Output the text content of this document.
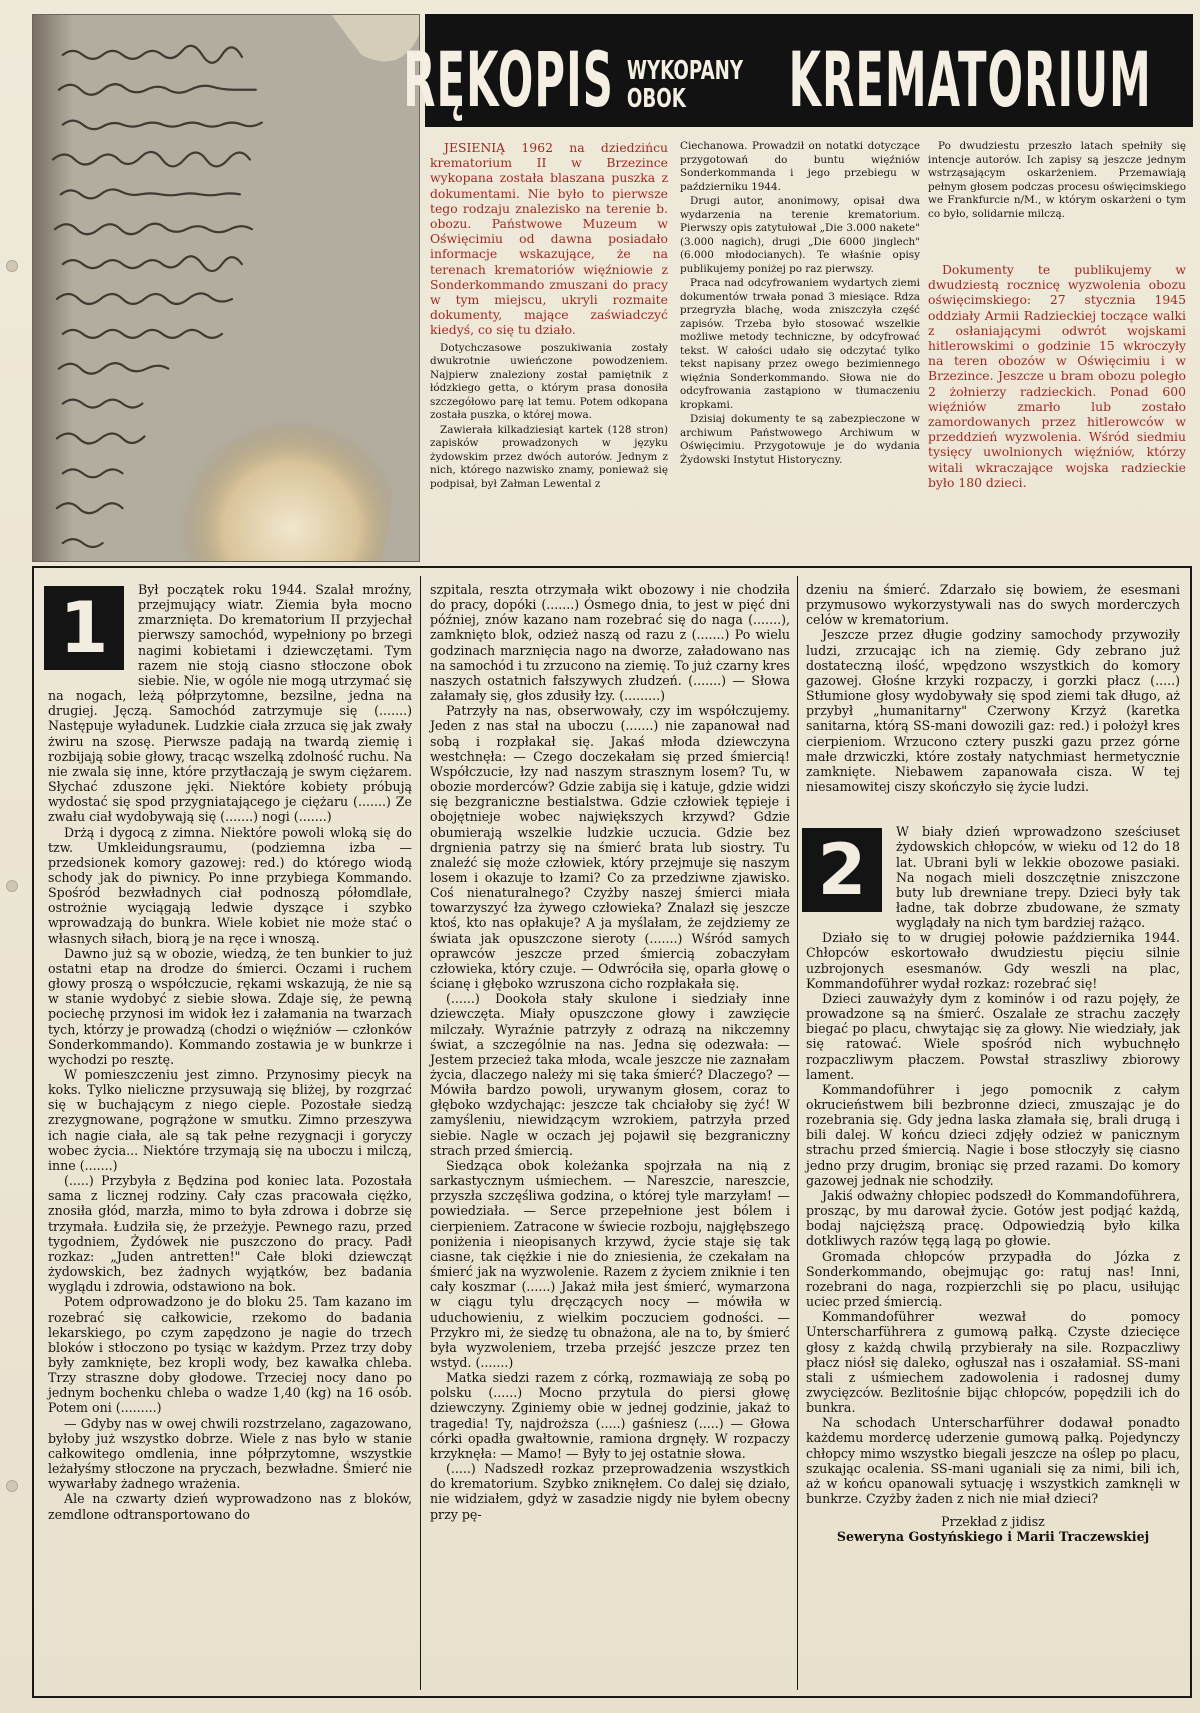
RĘKOPIS WYKOPANY OBOK	KREMATORIUM

JESIENIĄ 1962 na dziedzińcu krematorium II w Brzezince wykopana została blaszana puszka z dokumentami. Nie było to pierwsze tego rodzaju znalezisko na terenie b. obozu. Państwowe Muzeum w Oświęcimiu od dawna posiadało informacje wskazujące, że na terenach krematoriów więźniowie z Sonderkommando zmuszani do pracy w tym miejscu, ukryli rozmaite dokumenty, mające zaświadczyć kiedyś, co się tu działo.

Dotychczasowe poszukiwania zostały dwukrotnie uwieńczone powodzeniem. Najpierw znaleziony został pamiętnik z łódzkiego getta, o którym prasa donosiła szczegółowo parę lat temu. Potem odkopana została puszka, o której mowa.

Zawierała kilkadziesiąt kartek (128 stron) zapisków prowadzonych w języku żydowskim przez dwóch autorów. Jednym z nich, którego nazwisko znamy, ponieważ się podpisał, był Załman Lewental z

Ciechanowa. Prowadził on notatki dotyczące przygotowań do buntu więźniów Sonderkommanda i jego przebiegu w październiku 1944.

Drugi autor, anonimowy, opisał dwa wydarzenia na terenie krematorium. Pierwszy opis zatytułował „Die 3.000 nakete" (3.000 nagich), drugi „Die 6000 jinglech" (6.000 młodocianych). Te właśnie opisy publikujemy poniżej po raz pierwszy.

Praca nad odcyfrowaniem wydartych ziemi dokumentów trwała ponad 3 miesiące. Rdza przegryzła blachę, woda zniszczyła część zapisów. Trzeba było stosować wszelkie możliwe metody techniczne, by odcyfrować tekst. W całości udało się odczytać tylko tekst napisany przez owego bezimiennego więźnia Sonderkommando. Słowa nie do odcyfrowania zastąpiono w tłumaczeniu kropkami.

Dzisiaj dokumenty te są zabezpieczone w archiwum Państwowego Archiwum w Oświęcimiu. Przygotowuje je do wydania Żydowski Instytut Historyczny.

Po dwudziestu przeszło latach spełniły się intencje autorów. Ich zapisy są jeszcze jednym wstrząsającym oskarżeniem. Przemawiają pełnym głosem podczas procesu oświęcimskiego we Frankfurcie n/M., w którym oskarżeni o tym co było, solidarnie milczą.

Dokumenty te publikujemy w dwudziestą rocznicę wyzwolenia obozu oświęcimskiego: 27 stycznia 1945 oddziały Armii Radzieckiej toczące walki z osłaniającymi odwrót wojskami hitlerowskimi o godzinie 15 wkroczyły na teren obozów w Oświęcimiu i w Brzezince. Jeszcze u bram obozu poległo 2 żołnierzy radzieckich. Ponad 600 więźniów zmarło lub zostało zamordowanych przez hitlerowców w przeddzień wyzwolenia. Wśród siedmiu tysięcy uwolnionych więźniów, którzy witali wkraczające wojska radzieckie było 180 dzieci.

1	Był początek roku 1944. Szalał mroźny, przejmujący wiatr. Ziemia była mocno zmarznięta. Do krematorium II przyjechał pierwszy samochód, wypełniony po brzegi nagimi kobietami i dziewczętami. Tym razem nie stoją ciasno stłoczone obok siebie. Nie, w ogóle nie mogą utrzymać się na nogach, leżą półprzytomne, bezsilne, jedna na drugiej. Jęczą. Samochód zatrzymuje się (.......) Następuje wyładunek. Ludzkie ciała zrzuca się jak zwały żwiru na szosę. Pierwsze padają na twardą ziemię i rozbijają sobie głowy, tracąc wszelką zdolność ruchu. Na nie zwala się inne, które przytłaczają je swym ciężarem. Słychać zduszone jęki. Niektóre kobiety próbują wydostać się spod przygniatającego je ciężaru (.......) Ze zwału ciał wydobywają się (.......) nogi (.......)

Drżą i dygocą z zimna. Niektóre powoli wloką się do tzw. Umkleidungsraumu, (podziemna izba — przedsionek komory gazowej: red.) do którego wiodą schody jak do piwnicy. Po inne przybiega Kommando. Spośród bezwładnych ciał podnoszą półomdlałe, ostrożnie wyciągają ledwie dyszące i szybko wprowadzają do bunkra. Wiele kobiet nie może stać o własnych siłach, biorą je na ręce i wnoszą.

Dawno już są w obozie, wiedzą, że ten bunkier to już ostatni etap na drodze do śmierci. Oczami i ruchem głowy proszą o współczucie, rękami wskazują, że nie są w stanie wydobyć z siebie słowa. Zdaje się, że pewną pociechę przynosi im widok łez i załamania na twarzach tych, którzy je prowadzą (chodzi o więźniów — członków Sonderkommando). Kommando zostawia je w bunkrze i wychodzi po resztę.

W pomieszczeniu jest zimno. Przynosimy piecyk na koks. Tylko nieliczne przysuwają się bliżej, by rozgrzać się w buchającym z niego cieple. Pozostałe siedzą zrezygnowane, pogrążone w smutku. Zimno przeszywa ich nagie ciała, ale są tak pełne rezygnacji i goryczy wobec życia... Niektóre trzymają się na uboczu i milczą, inne (.......)

(.....) Przybyła z Będzina pod koniec lata. Pozostała sama z licznej rodziny. Cały czas pracowała ciężko, znosiła głód, marzła, mimo to była zdrowa i dobrze się trzymała. Łudziła się, że przeżyje. Pewnego razu, przed tygodniem, Żydówek nie puszczono do pracy. Padł rozkaz: „Juden antretten!" Całe bloki dziewcząt żydowskich, bez żadnych wyjątków, bez badania wyglądu i zdrowia, odstawiono na bok.

Potem odprowadzono je do bloku 25. Tam kazano im rozebrać się całkowicie, rzekomo do badania lekarskiego, po czym zapędzono je nagie do trzech bloków i stłoczono po tysiąc w każdym. Przez trzy doby były zamknięte, bez kropli wody, bez kawałka chleba. Trzy straszne doby głodowe. Trzeciej nocy dano po jednym bochenku chleba o wadze 1,40 (kg) na 16 osób. Potem oni (.........)

— Gdyby nas w owej chwili rozstrzelano, zagazowano, byłoby już wszystko dobrze. Wiele z nas było w stanie całkowitego omdlenia, inne półprzytomne, wszystkie leżałyśmy stłoczone na pryczach, bezwładne. Śmierć nie wywarłaby żadnego wrażenia.

Ale na czwarty dzień wyprowadzono nas z bloków, zemdlone odtransportowano do

szpitala, reszta otrzymała wikt obozowy i nie chodziła do pracy, dopóki (.......) Ósmego dnia, to jest w pięć dni później, znów kazano nam rozebrać się do naga (.......), zamknięto blok, odzież naszą od razu z (.......) Po wielu godzinach marznięcia nago na dworze, załadowano nas na samochód i tu zrzucono na ziemię. To już czarny kres naszych ostatnich fałszywych złudzeń. (.......) — Słowa załamały się, głos zdusiły łzy. (.........)

Patrzyły na nas, obserwowały, czy im współczujemy. Jeden z nas stał na uboczu (.......) nie zapanował nad sobą i rozpłakał się. Jakaś młoda dziewczyna westchnęła: — Czego doczekałam się przed śmiercią! Współczucie, łzy nad naszym strasznym losem? Tu, w obozie morderców? Gdzie zabija się i katuje, gdzie widzi się bezgraniczne bestialstwa. Gdzie człowiek tępieje i obojętnieje wobec największych krzywd? Gdzie obumierają wszelkie ludzkie uczucia. Gdzie bez drgnienia patrzy się na śmierć brata lub siostry. Tu znaleźć się może człowiek, który przejmuje się naszym losem i okazuje to łzami? Co za przedziwne zjawisko. Coś nienaturalnego? Czyżby naszej śmierci miała towarzyszyć łza żywego człowieka? Znalazł się jeszcze ktoś, kto nas opłakuje? A ja myślałam, że zejdziemy ze świata jak opuszczone sieroty (.......) Wśród samych oprawców jeszcze przed śmiercią zobaczyłam człowieka, który czuje. — Odwróciła się, oparła głowę o ścianę i głęboko wzruszona cicho rozpłakała się.

(......) Dookoła stały skulone i siedziały inne dziewczęta. Miały opuszczone głowy i zawzięcie milczały. Wyraźnie patrzyły z odrazą na nikczemny świat, a szczególnie na nas. Jedna się odezwała: — Jestem przecież taka młoda, wcale jeszcze nie zaznałam życia, dlaczego należy mi się taka śmierć? Dlaczego? — Mówiła bardzo powoli, urywanym głosem, coraz to głęboko wzdychając: jeszcze tak chciałoby się żyć! W zamyśleniu, niewidzącym wzrokiem, patrzyła przed siebie. Nagle w oczach jej pojawił się bezgraniczny strach przed śmiercią.

Siedząca obok koleżanka spojrzała na nią z sarkastycznym uśmiechem. — Nareszcie, nareszcie, przyszła szczęśliwa godzina, o której tyle marzyłam! — powiedziała. — Serce przepełnione jest bólem i cierpieniem. Zatracone w świecie rozboju, najgłębszego poniżenia i nieopisanych krzywd, życie staje się tak ciasne, tak ciężkie i nie do zniesienia, że czekałam na śmierć jak na wyzwolenie. Razem z życiem zniknie i ten cały koszmar (......) Jakaż miła jest śmierć, wymarzona w ciągu tylu dręczących nocy — mówiła w uduchowieniu, z wielkim poczuciem godności. — Przykro mi, że siedzę tu obnażona, ale na to, by śmierć była wyzwoleniem, trzeba przejść jeszcze przez ten wstyd. (.......)

Matka siedzi razem z córką, rozmawiają ze sobą po polsku (......) Mocno przytula do piersi głowę dziewczyny. Zginiemy obie w jednej godzinie, jakaż to tragedia! Ty, najdroższa (.....) gaśniesz (.....) — Głowa córki opadła gwałtownie, ramiona drgnęły. W rozpaczy krzyknęła: — Mamo! — Były to jej ostatnie słowa.

(.....) Nadszedł rozkaz przeprowadzenia wszystkich do krematorium. Szybko zniknęłem. Co dalej się działo, nie widziałem, gdyż w zasadzie nigdy nie byłem obecny przy pę-

dzeniu na śmierć. Zdarzało się bowiem, że esesmani przymusowo wykorzystywali nas do swych morderczych celów w krematorium.

Jeszcze przez długie godziny samochody przywoziły ludzi, zrzucając ich na ziemię. Gdy zebrano już dostateczną ilość, wpędzono wszystkich do komory gazowej. Głośne krzyki rozpaczy, i gorzki płacz (.....) Stłumione głosy wydobywały się spod ziemi tak długo, aż przybył „humanitarny" Czerwony Krzyż (karetka sanitarna, którą SS-mani dowozili gaz: red.) i położył kres cierpieniom. Wrzucono cztery puszki gazu przez górne małe drzwiczki, które zostały natychmiast hermetycznie zamknięte. Niebawem zapanowała cisza. W tej niesamowitej ciszy skończyło się życie ludzi.

2	W biały dzień wprowadzono sześciuset żydowskich chłopców, w wieku od 12 do 18 lat. Ubrani byli w lekkie obozowe pasiaki. Na nogach mieli doszczętnie zniszczone buty lub drewniane trepy. Dzieci były tak ładne, tak dobrze zbudowane, że szmaty wyglądały na nich tym bardziej rażąco.

Działo się to w drugiej połowie października 1944. Chłopców eskortowało dwudziestu pięciu silnie uzbrojonych esesmanów. Gdy weszli na plac, Kommandoführer wydał rozkaz: rozebrać się!

Dzieci zauważyły dym z kominów i od razu pojęły, że prowadzone są na śmierć. Oszalałe ze strachu zaczęły biegać po placu, chwytając się za głowy. Nie wiedziały, jak się ratować. Wiele spośród nich wybuchnęło rozpaczliwym płaczem. Powstał straszliwy zbiorowy lament.

Kommandoführer i jego pomocnik z całym okrucieństwem bili bezbronne dzieci, zmuszając je do rozebrania się. Gdy jedna laska złamała się, brali drugą i bili dalej. W końcu dzieci zdjęły odzież w panicznym strachu przed śmiercią. Nagie i bose stłoczyły się ciasno jedno przy drugim, broniąc się przed razami. Do komory gazowej jednak nie schodziły.

Jakiś odważny chłopiec podszedł do Kommandoführera, prosząc, by mu darował życie. Gotów jest podjąć każdą, bodaj najcięższą pracę. Odpowiedzią było kilka dotkliwych razów tęgą lagą po głowie.

Gromada chłopców przypadła do Józka z Sonderkommando, obejmując go: ratuj nas! Inni, rozebrani do naga, rozpierzchli się po placu, usiłując uciec przed śmiercią.

Kommandoführer wezwał do pomocy Unterscharführera z gumową pałką. Czyste dziecięce głosy z każdą chwilą przybierały na sile. Rozpaczliwy płacz niósł się daleko, ogłuszał nas i oszałamiał. SS-mani stali z uśmiechem zadowolenia i radosnej dumy zwycięzców. Bezlitośnie bijąc chłopców, popędzili ich do bunkra.

Na schodach Unterscharführer dodawał ponadto każdemu mordercę uderzenie gumową pałką. Pojedynczy chłopcy mimo wszystko biegali jeszcze na oślep po placu, szukając ocalenia. SS-mani uganiali się za nimi, bili ich, aż w końcu opanowali sytuację i wszystkich zamknęli w bunkrze. Czyżby żaden z nich nie miał dzieci?

Przekład z jidisz
Seweryna Gostyńskiego i Marii Traczewskiej
